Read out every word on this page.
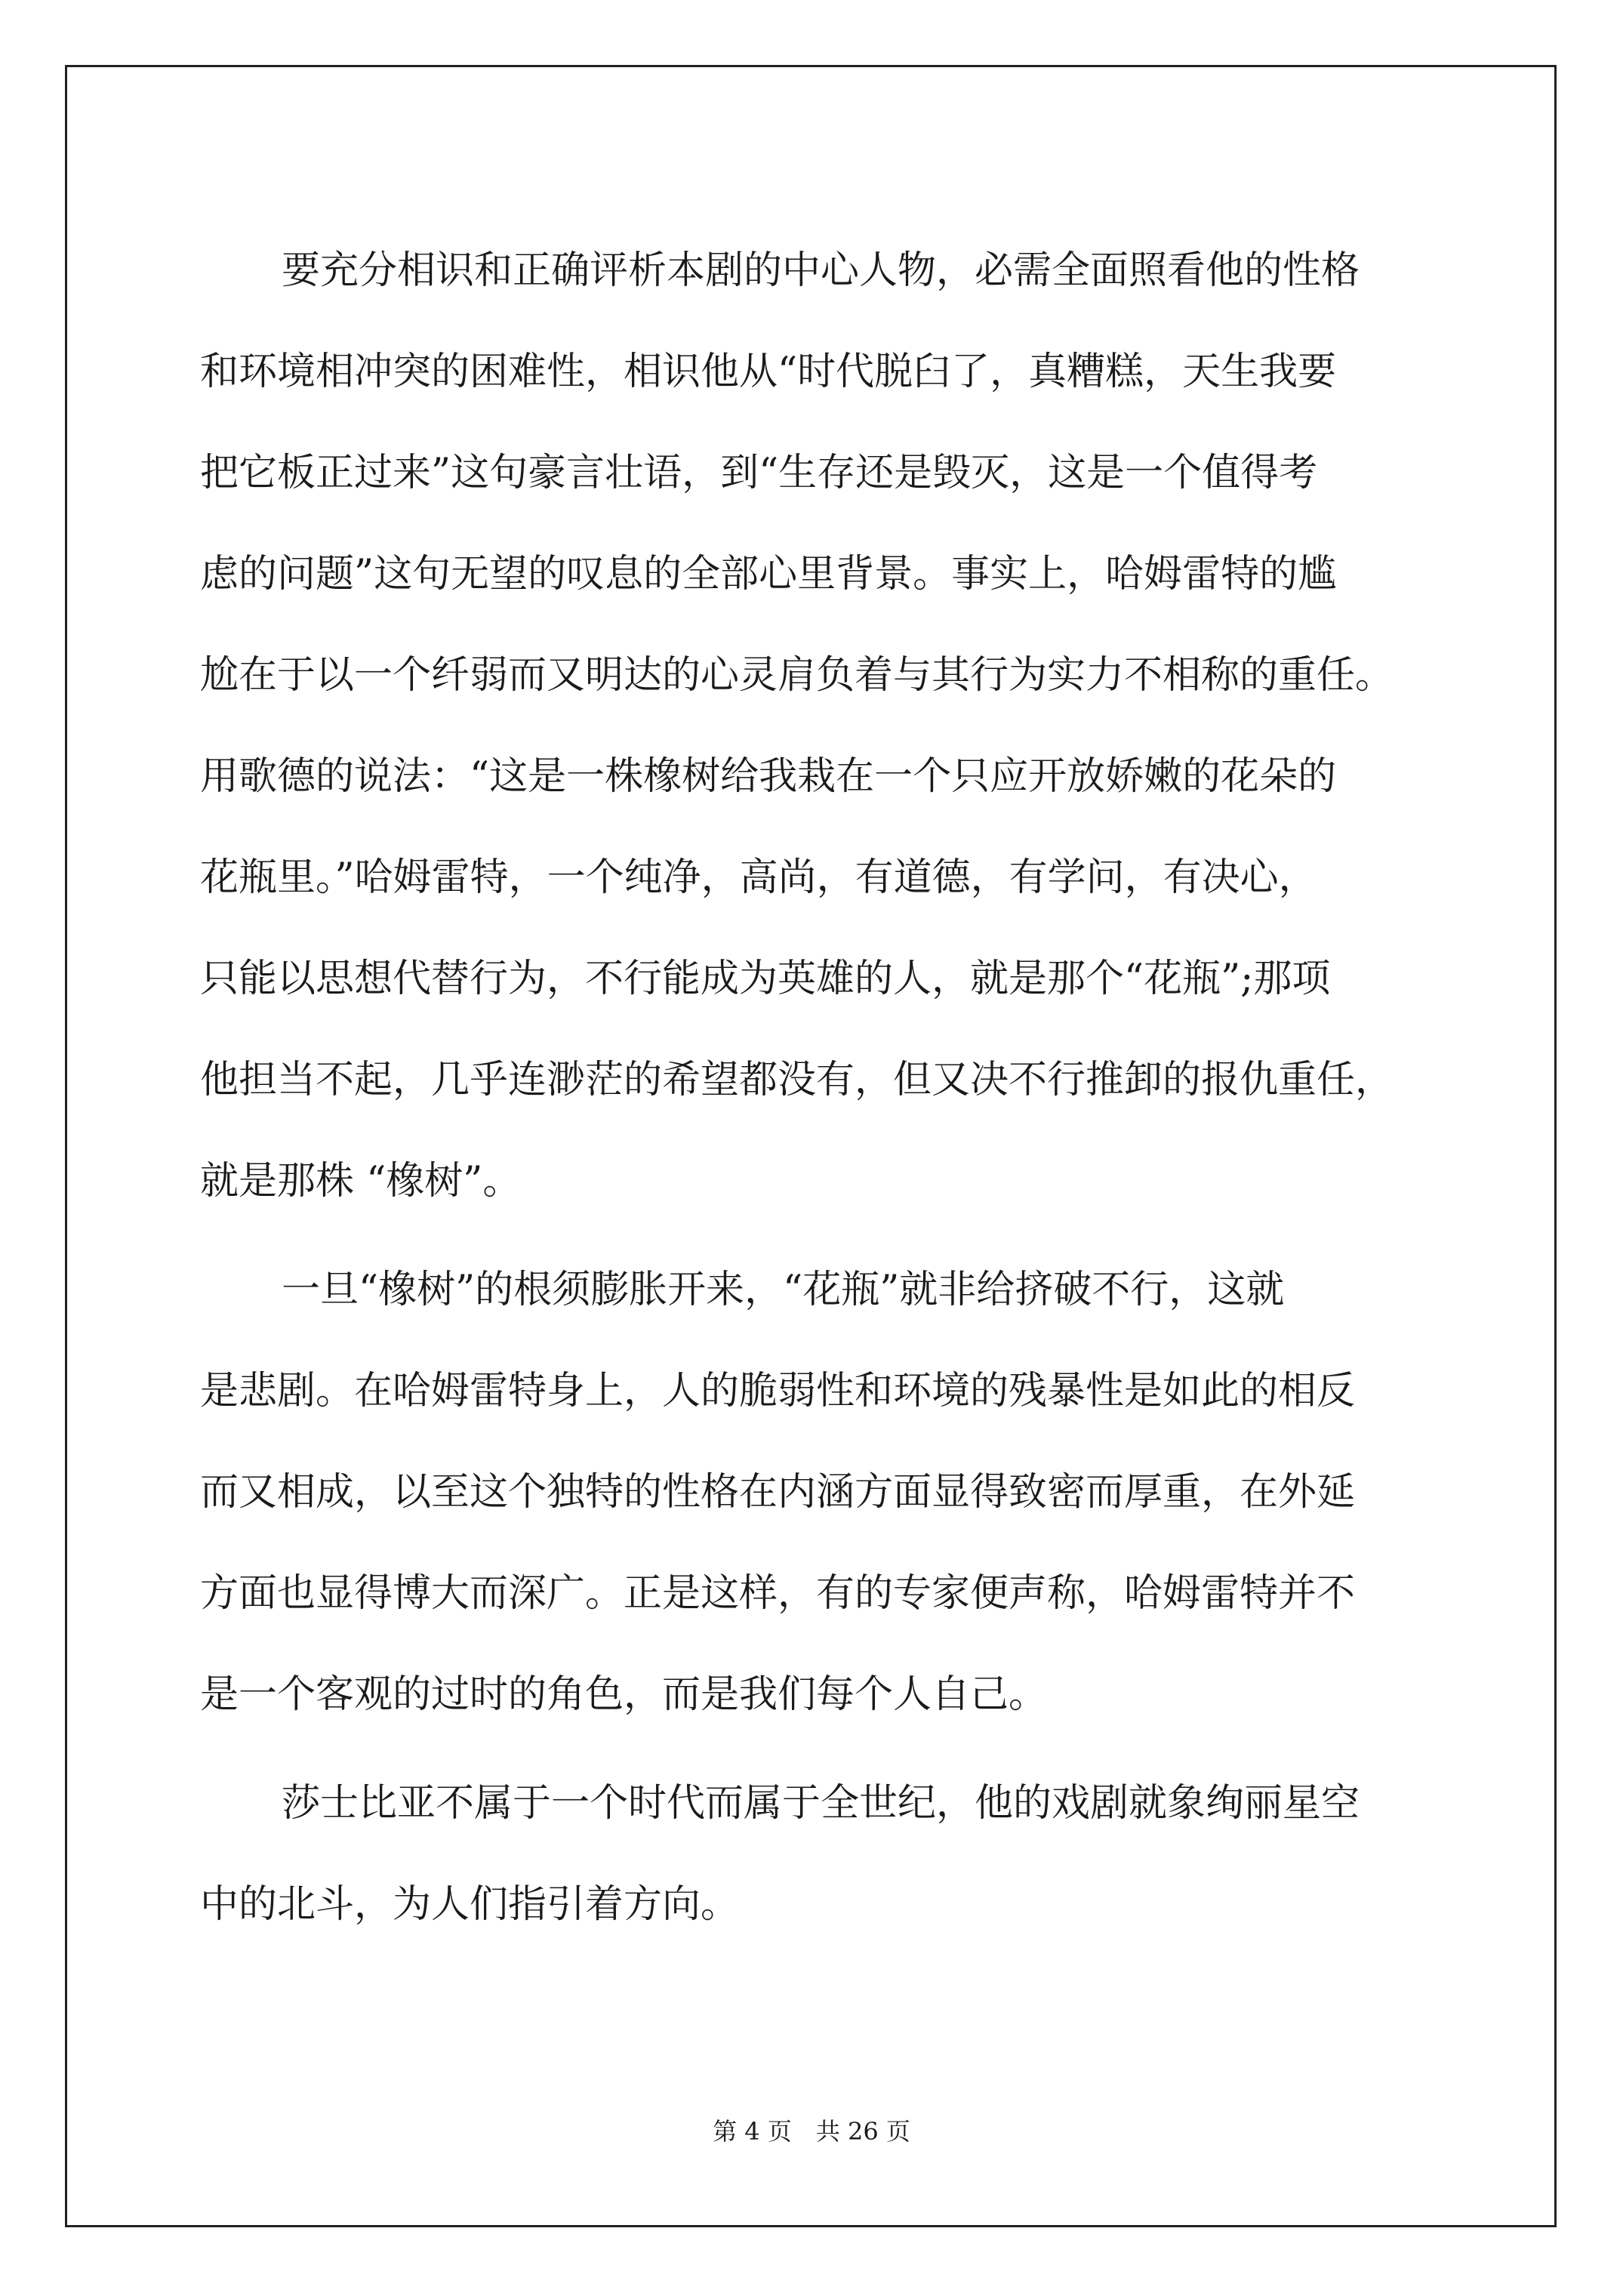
要充分相识和正确评析本剧的中心人物，必需全面照看他的性格
和环境相冲突的困难性，相识他从“时代脱臼了，真糟糕，天生我要
把它板正过来”这句豪言壮语，到“生存还是毁灭，这是一个值得考
虑的问题”这句无望的叹息的全部心里背景。事实上，哈姆雷特的尴
尬在于以一个纤弱而又明达的心灵肩负着与其行为实力不相称的重任。
用歌德的说法：“这是一株橡树给我栽在一个只应开放娇嫩的花朵的
花瓶里。”哈姆雷特，一个纯净，高尚，有道德，有学问，有决心，
只能以思想代替行为，不行能成为英雄的人，就是那个“花瓶”;那项
他担当不起，几乎连渺茫的希望都没有，但又决不行推卸的报仇重任，
就是那株 “橡树”。
一旦“橡树”的根须膨胀开来，“花瓶”就非给挤破不行，这就
是悲剧。在哈姆雷特身上，人的脆弱性和环境的残暴性是如此的相反
而又相成，以至这个独特的性格在内涵方面显得致密而厚重，在外延
方面也显得博大而深广。正是这样，有的专家便声称，哈姆雷特并不
是一个客观的过时的角色，而是我们每个人自己。
莎士比亚不属于一个时代而属于全世纪，他的戏剧就象绚丽星空
中的北斗，为人们指引着方向。
第 4 页　共 26 页
